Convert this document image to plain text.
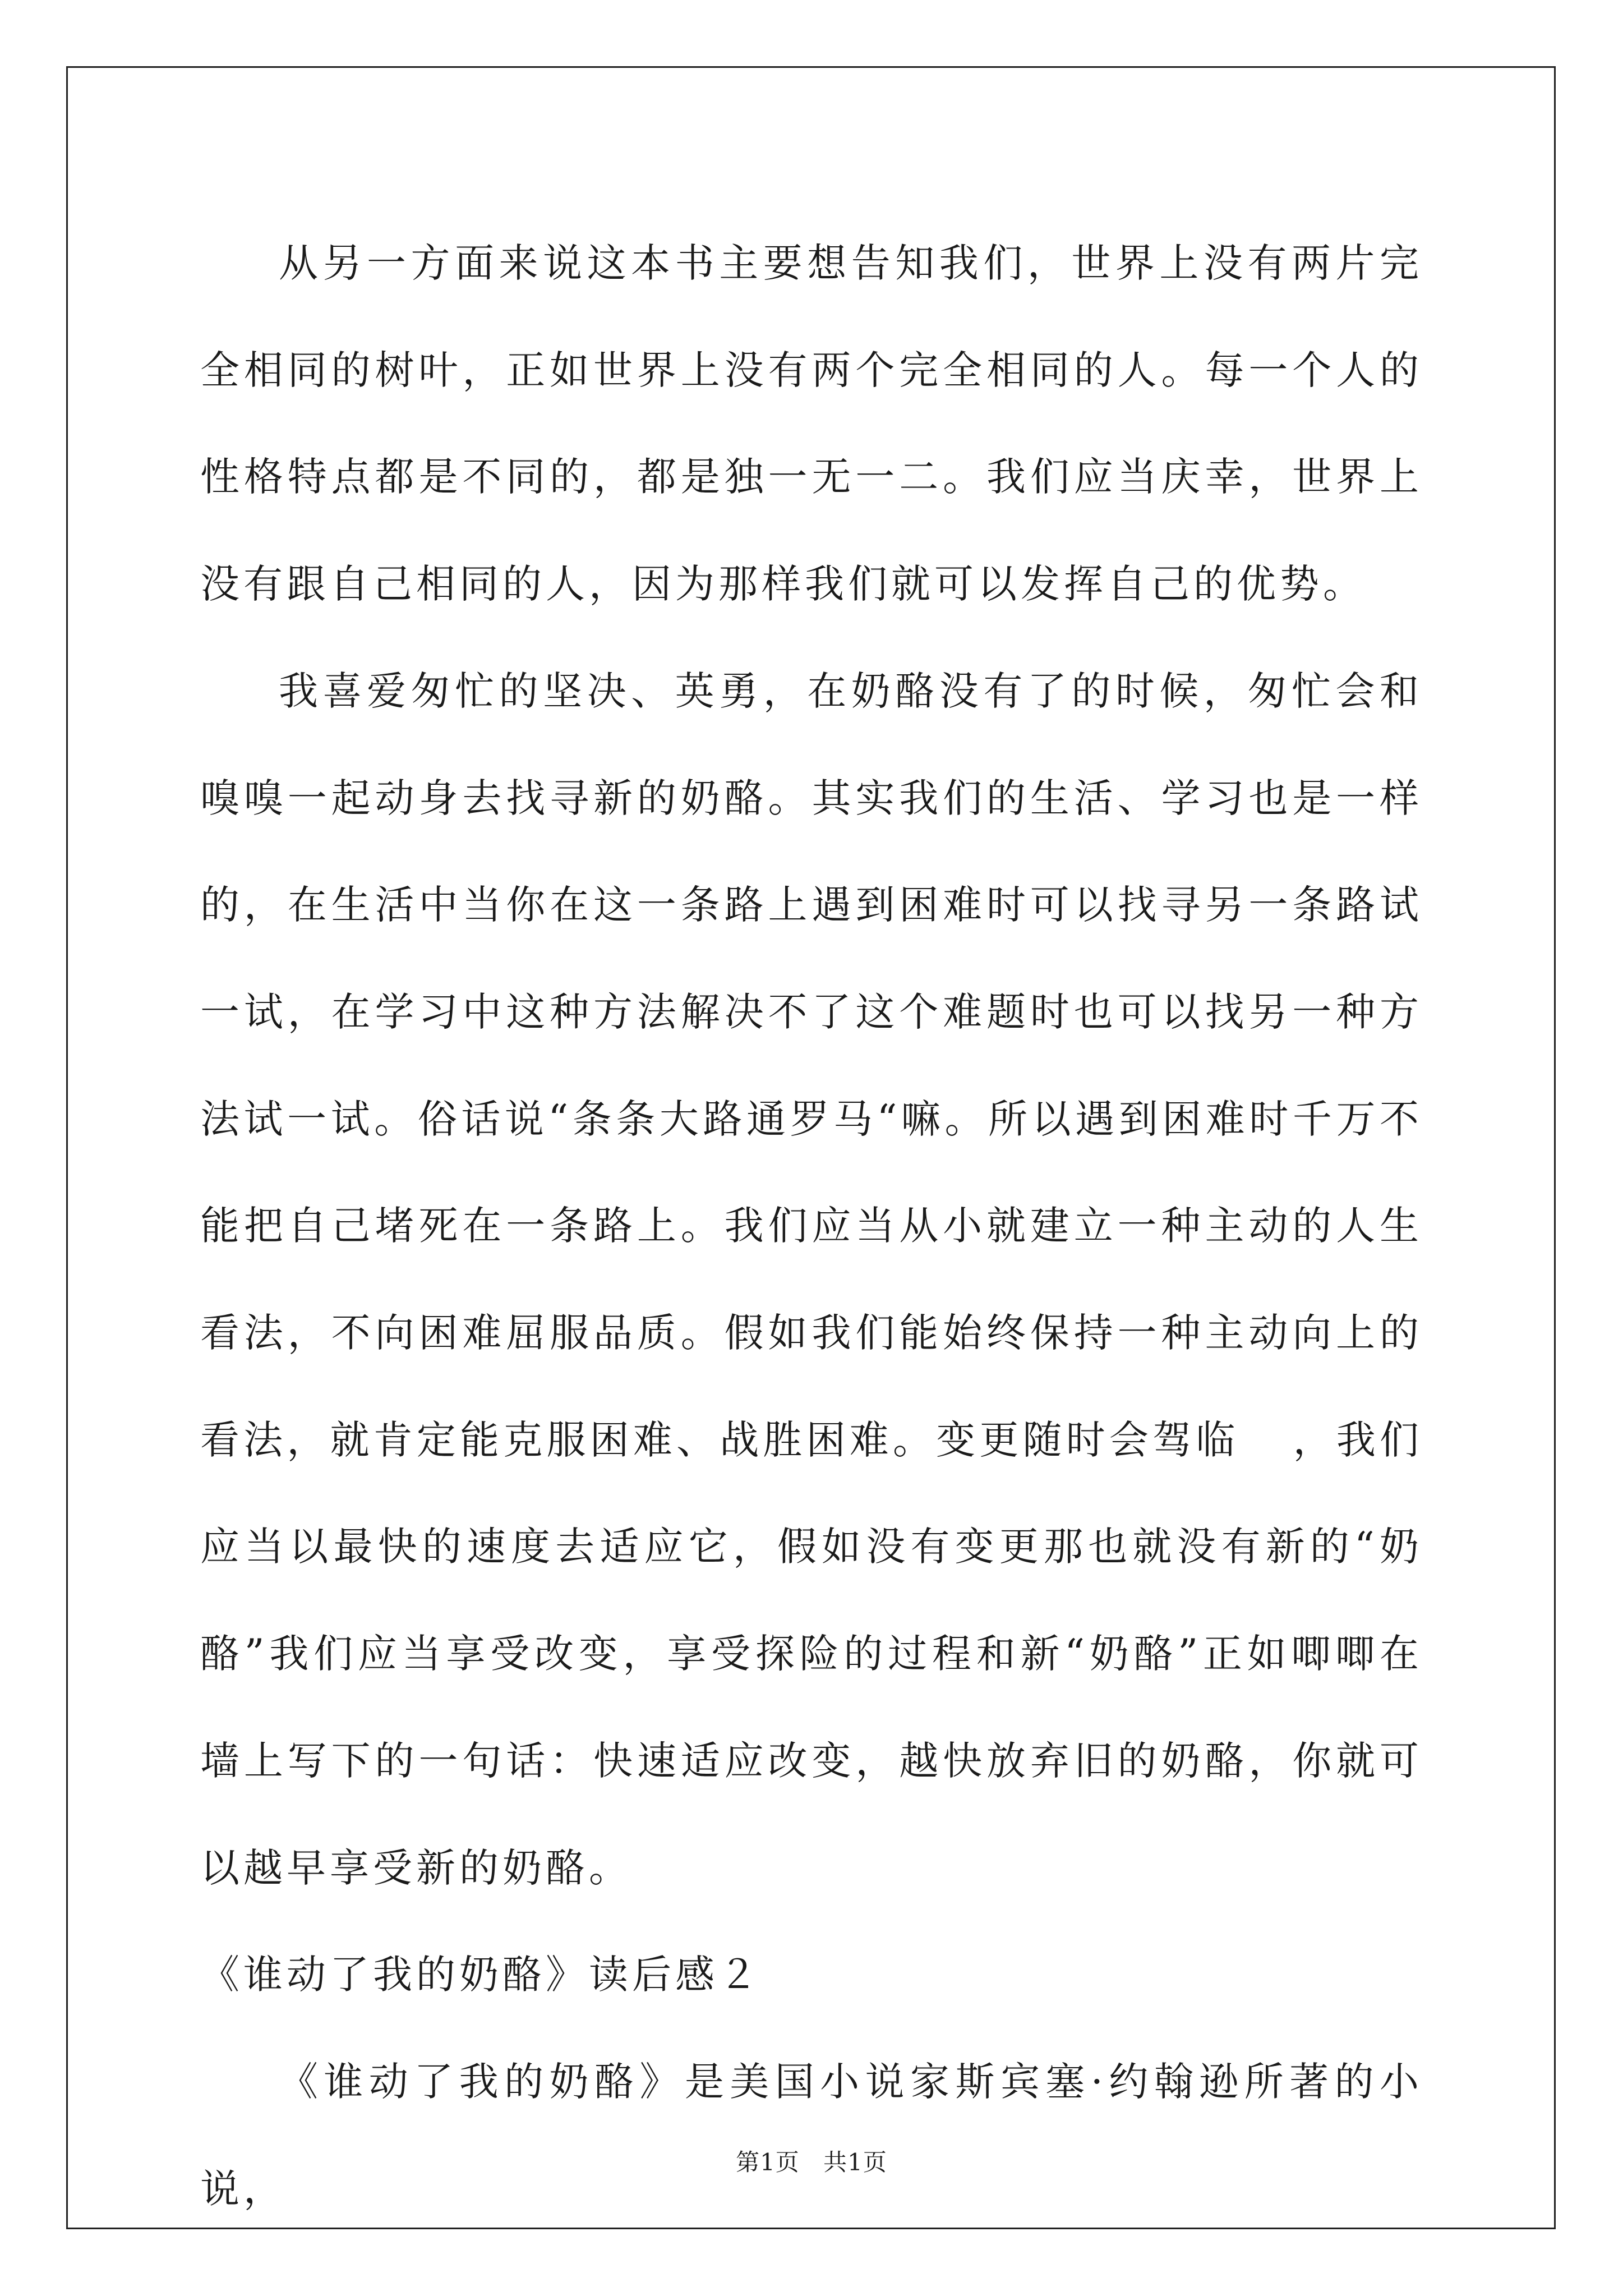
从另一方面来说这本书主要想告知我们，世界上没有两片完全相同的树叶，正如世界上没有两个完全相同的人。每一个人的性格特点都是不同的，都是独一无一二。我们应当庆幸，世界上没有跟自己相同的人，因为那样我们就可以发挥自己的优势。

我喜爱匆忙的坚决、英勇，在奶酪没有了的时候，匆忙会和嗅嗅一起动身去找寻新的奶酪。其实我们的生活、学习也是一样的，在生活中当你在这一条路上遇到困难时可以找寻另一条路试一试，在学习中这种方法解决不了这个难题时也可以找另一种方法试一试。俗话说“条条大路通罗马“嘛。所以遇到困难时千万不能把自己堵死在一条路上。我们应当从小就建立一种主动的人生看法，不向困难屈服品质。假如我们能始终保持一种主动向上的看法，就肯定能克服困难、战胜困难。变更随时会驾临 ，我们应当以最快的速度去适应它，假如没有变更那也就没有新的“奶酪”我们应当享受改变，享受探险的过程和新“奶酪”正如唧唧在墙上写下的一句话：快速适应改变，越快放弃旧的奶酪，你就可以越早享受新的奶酪。

《谁动了我的奶酪》读后感２

《谁动了我的奶酪》是美国小说家斯宾塞·约翰逊所著的小说，

第1页 共1页
